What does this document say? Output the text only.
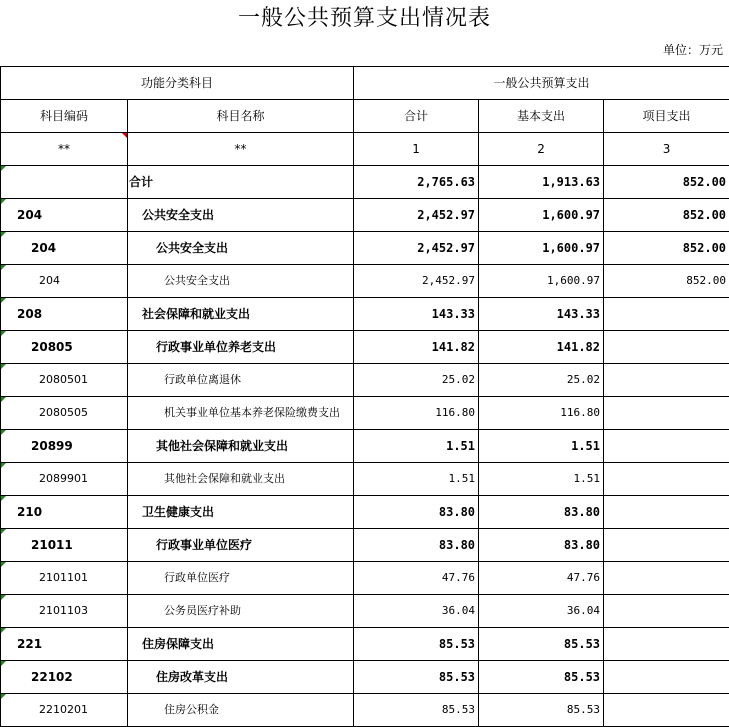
一般公共预算支出情况表
单位：万元
功能分类科目		一般公共预算支出		
科目编码	科目名称	合计	基本支出	项目支出

**	**	1	2	3

	合计	2,765.63	1,913.63	852.00

204	公共安全支出	2,452.97	1,600.97	852.00

204	公共安全支出	2,452.97	1,600.97	852.00

204	公共安全支出	2,452.97	1,600.97	852.00

208	社会保障和就业支出	143.33	143.33	

20805	行政事业单位养老支出	141.82	141.82	

2080501	行政单位离退休	25.02	25.02	

2080505	机关事业单位基本养老保险缴费支出	116.80	116.80	

20899	其他社会保障和就业支出	1.51	1.51	

2089901	其他社会保障和就业支出	1.51	1.51	

210	卫生健康支出	83.80	83.80	

21011	行政事业单位医疗	83.80	83.80	

2101101	行政单位医疗	47.76	47.76	

2101103	公务员医疗补助	36.04	36.04	

221	住房保障支出	85.53	85.53	

22102	住房改革支出	85.53	85.53	

2210201	住房公积金	85.53	85.53	
